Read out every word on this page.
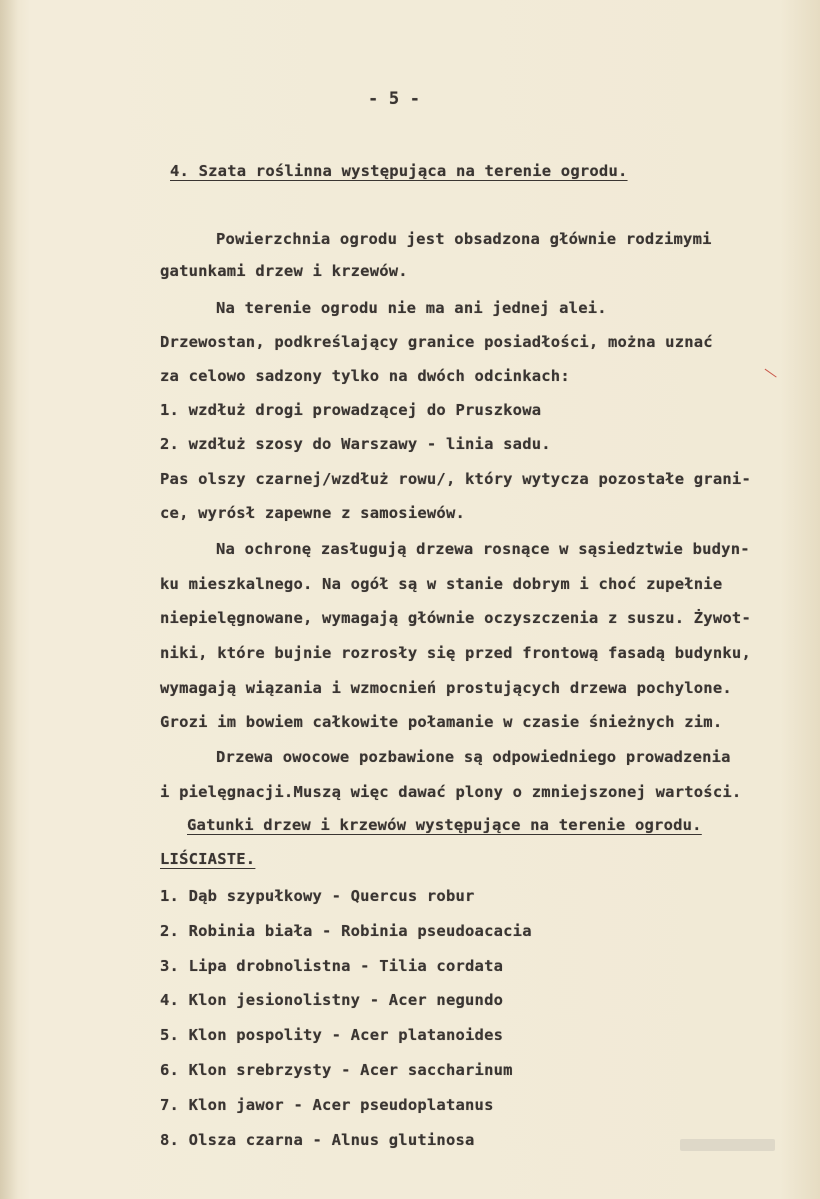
- 5 -
4. Szata roślinna występująca na terenie ogrodu.
Powierzchnia ogrodu jest obsadzona głównie rodzimymi
gatunkami drzew i krzewów.
Na terenie ogrodu nie ma ani jednej alei.
Drzewostan, podkreślający granice posiadłości, można uznać
za celowo sadzony tylko na dwóch odcinkach:
1. wzdłuż drogi prowadzącej do Pruszkowa
2. wzdłuż szosy do Warszawy - linia sadu.
Pas olszy czarnej/wzdłuż rowu/, który wytycza pozostałe grani-
ce, wyrósł zapewne z samosiewów.
Na ochronę zasługują drzewa rosnące w sąsiedztwie budyn-
ku mieszkalnego. Na ogół są w stanie dobrym i choć zupełnie
niepielęgnowane, wymagają głównie oczyszczenia z suszu. Żywot-
niki, które bujnie rozrosły się przed frontową fasadą budynku,
wymagają wiązania i wzmocnień prostujących drzewa pochylone.
Grozi im bowiem całkowite połamanie w czasie śnieżnych zim.
Drzewa owocowe pozbawione są odpowiedniego prowadzenia
i pielęgnacji.Muszą więc dawać plony o zmniejszonej wartości.
Gatunki drzew i krzewów występujące na terenie ogrodu.
LIŚCIASTE.
1. Dąb szypułkowy - Quercus robur
2. Robinia biała - Robinia pseudoacacia
3. Lipa drobnolistna - Tilia cordata
4. Klon jesionolistny - Acer negundo
5. Klon pospolity - Acer platanoides
6. Klon srebrzysty - Acer saccharinum
7. Klon jawor - Acer pseudoplatanus
8. Olsza czarna - Alnus glutinosa
